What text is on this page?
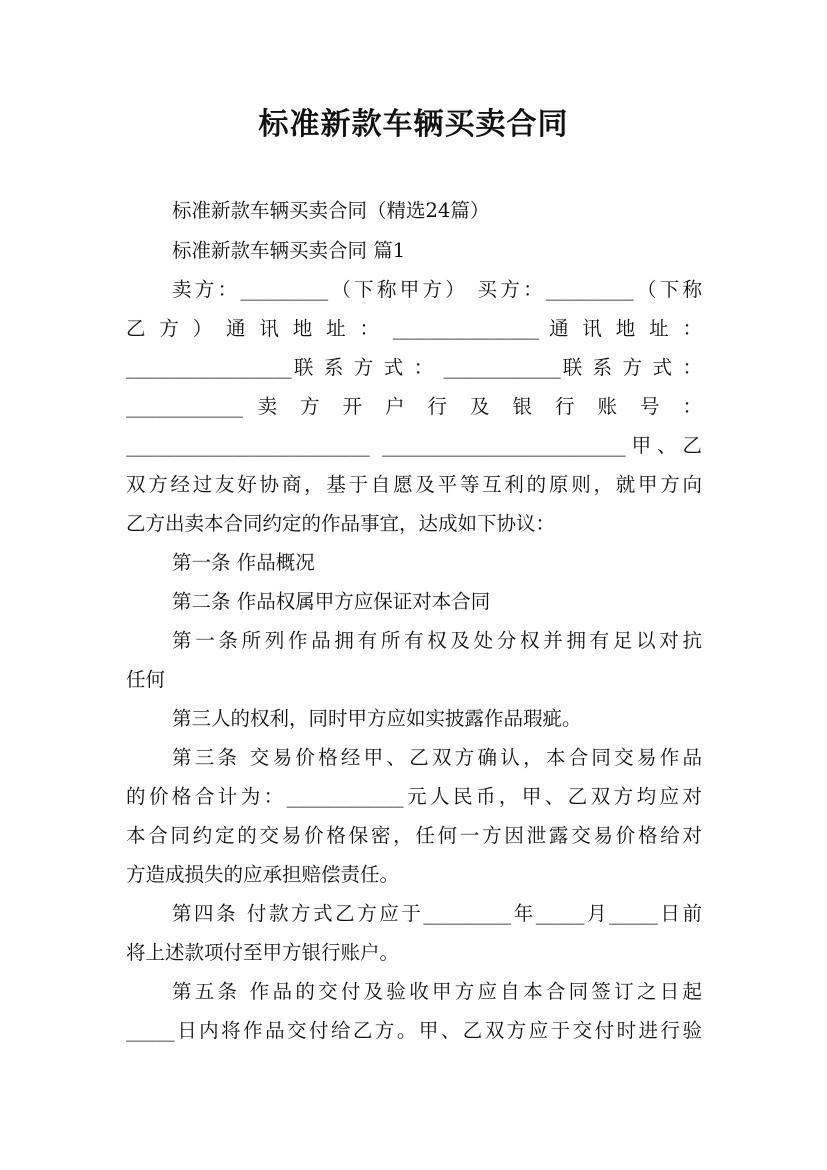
标准新款车辆买卖合同

标准新款车辆买卖合同（精选24篇）

标准新款车辆买卖合同 篇1

卖方：_________（下称甲方） 买方：_________（下称

乙 方 ） 通 讯 地 址 ： _______________ 通 讯 地 址 ：

_________________联 系 方 式 ： ____________联 系 方 式 ：

____________ 卖 方 开 户 行 及 银 行 账 号 ：

_________________________ _________________________甲、乙

双方经过友好协商，基于自愿及平等互利的原则，就甲方向

乙方出卖本合同约定的作品事宜，达成如下协议：

第一条 作品概况

第二条 作品权属甲方应保证对本合同

第一条所列作品拥有所有权及处分权并拥有足以对抗

任何

第三人的权利，同时甲方应如实披露作品瑕疵。

第三条 交易价格经甲、乙双方确认，本合同交易作品

的价格合计为：____________元人民币，甲、乙双方均应对

本合同约定的交易价格保密，任何一方因泄露交易价格给对

方造成损失的应承担赔偿责任。

第四条 付款方式乙方应于_________年_____月_____日前

将上述款项付至甲方银行账户。

第五条 作品的交付及验收甲方应自本合同签订之日起

_____日内将作品交付给乙方。甲、乙双方应于交付时进行验
